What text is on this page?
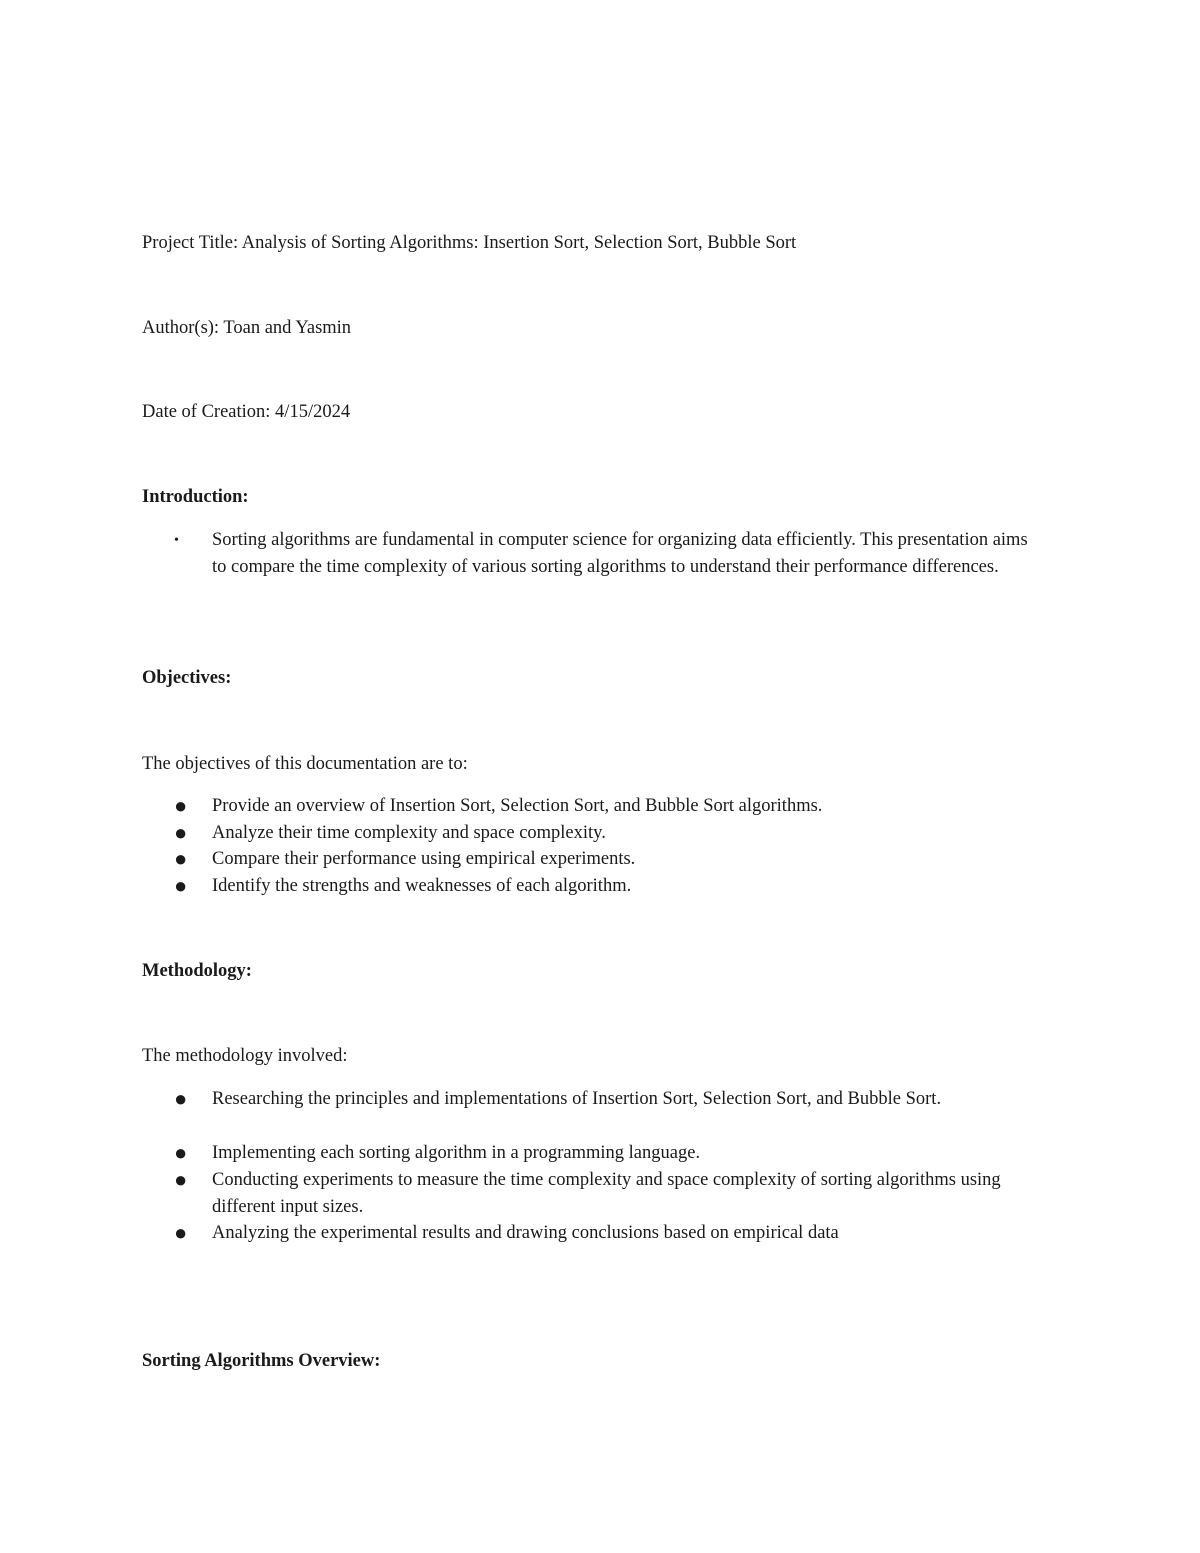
Project Title: Analysis of Sorting Algorithms: Insertion Sort, Selection Sort, Bubble Sort
Author(s): Toan and Yasmin
Date of Creation: 4/15/2024
Introduction:
•	Sorting algorithms are fundamental in computer science for organizing data efficiently. This presentation aims to compare the time complexity of various sorting algorithms to understand their performance differences.
Objectives:
The objectives of this documentation are to:
●	Provide an overview of Insertion Sort, Selection Sort, and Bubble Sort algorithms.
●	Analyze their time complexity and space complexity.
●	Compare their performance using empirical experiments.
●	Identify the strengths and weaknesses of each algorithm.
Methodology:
The methodology involved:
●	Researching the principles and implementations of Insertion Sort, Selection Sort, and Bubble Sort.
●	Implementing each sorting algorithm in a programming language.
●	Conducting experiments to measure the time complexity and space complexity of sorting algorithms using different input sizes.
●	Analyzing the experimental results and drawing conclusions based on empirical data
Sorting Algorithms Overview:
